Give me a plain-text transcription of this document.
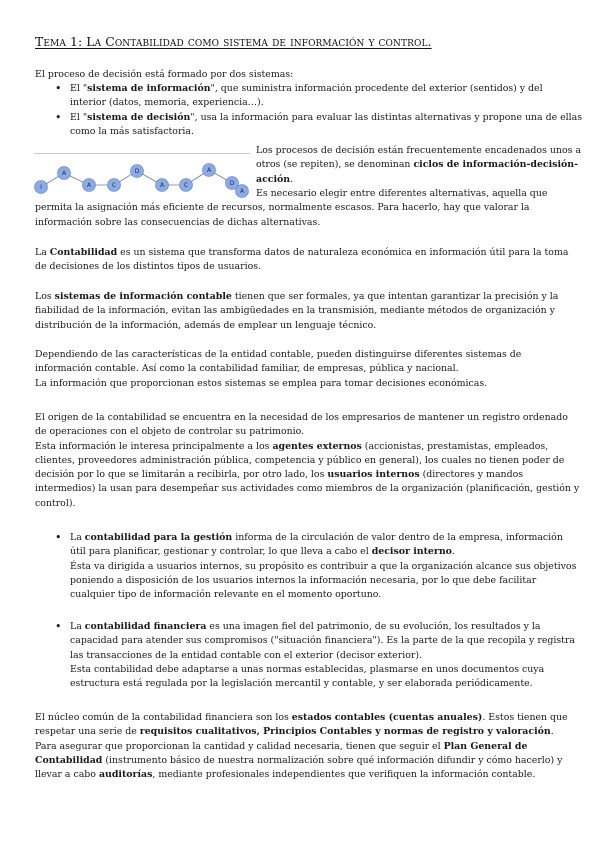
Tema 1: La Contabilidad como sistema de información y control.

El proceso de decisión está formado por dos sistemas:

• El "sistema de información", que suministra información procedente del exterior (sentidos) y del interior (datos, memoria, experiencia…).

• El "sistema de decisión", usa la información para evaluar las distintas alternativas y propone una de ellas como la más satisfactoria.

I
A
A	C
D
A	C
A
D
A

Los procesos de decisión están frecuentemente encadenados unos a otros (se repiten), se denominan ciclos de información-decisión-acción.

Es necesario elegir entre diferentes alternativas, aquella que permita la asignación más eficiente de recursos, normalmente escasos. Para hacerlo, hay que valorar la información sobre las consecuencias de dichas alternativas.

La Contabilidad es un sistema que transforma datos de naturaleza económica en información útil para la toma de decisiones de los distintos tipos de usuarios.

Los sistemas de información contable tienen que ser formales, ya que intentan garantizar la precisión y la fiabilidad de la información, evitan las ambigüedades en la transmisión, mediante métodos de organización y distribución de la información, además de emplear un lenguaje técnico.

Dependiendo de las características de la entidad contable, pueden distinguirse diferentes sistemas de información contable. Así como la contabilidad familiar, de empresas, pública y nacional.
La información que proporcionan estos sistemas se emplea para tomar decisiones económicas.

El origen de la contabilidad se encuentra en la necesidad de los empresarios de mantener un registro ordenado de operaciones con el objeto de controlar su patrimonio.
Esta información le interesa principalmente a los agentes externos (accionistas, prestamistas, empleados, clientes, proveedores administración pública, competencia y público en general), los cuales no tienen poder de decisión por lo que se limitarán a recibirla, por otro lado, los usuarios internos (directores y mandos intermedios) la usan para desempeñar sus actividades como miembros de la organización (planificación, gestión y control).

• La contabilidad para la gestión informa de la circulación de valor dentro de la empresa, información útil para planificar, gestionar y controlar, lo que lleva a cabo el decisor interno.
Ésta va dirigida a usuarios internos, su propósito es contribuir a que la organización alcance sus objetivos poniendo a disposición de los usuarios internos la información necesaria, por lo que debe facilitar cualquier tipo de información relevante en el momento oportuno.

• La contabilidad financiera es una imagen fiel del patrimonio, de su evolución, los resultados y la capacidad para atender sus compromisos ("situación financiera"). Es la parte de la que recopila y registra las transacciones de la entidad contable con el exterior (decisor exterior).
Esta contabilidad debe adaptarse a unas normas establecidas, plasmarse en unos documentos cuya estructura está regulada por la legislación mercantil y contable, y ser elaborada periódicamente.

El núcleo común de la contabilidad financiera son los estados contables (cuentas anuales). Estos tienen que respetar una serie de requisitos cualitativos, Principios Contables y normas de registro y valoración.
Para asegurar que proporcionan la cantidad y calidad necesaria, tienen que seguir el Plan General de Contabilidad (instrumento básico de nuestra normalización sobre qué información difundir y cómo hacerlo) y llevar a cabo auditorías, mediante profesionales independientes que verifiquen la información contable.
